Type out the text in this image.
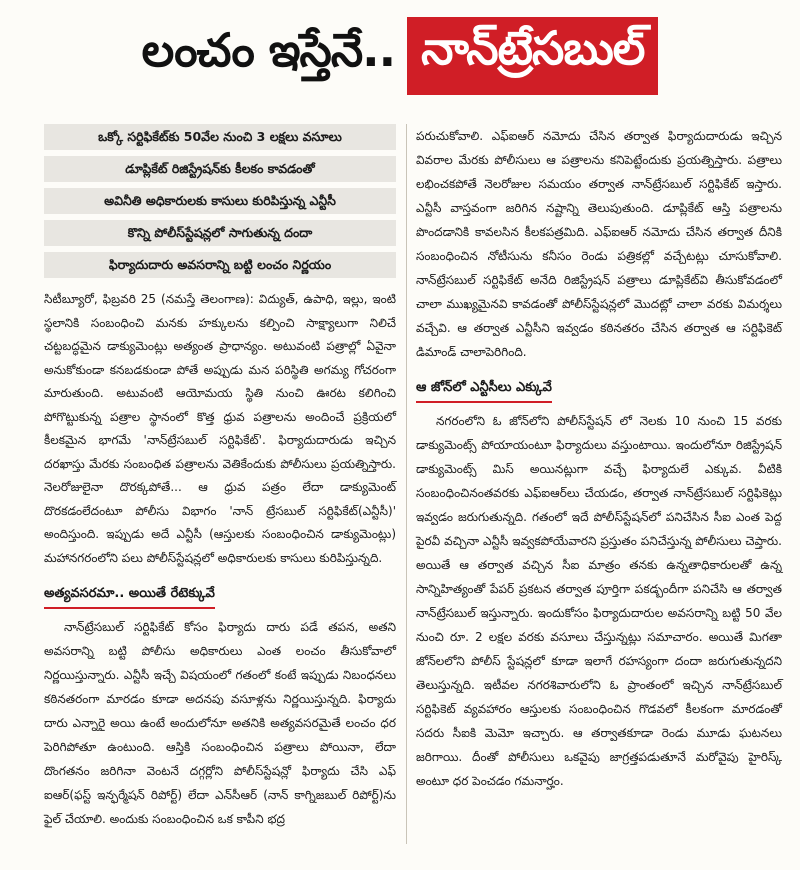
లంచం ఇస్తేనే.. నాన్‌ట్రేసబుల్
ఒక్కో సర్టిఫికేట్‌కు 50వేల నుంచి 3 లక్షలు వసూలు
డూప్లికేట్ రిజిస్ట్రేషన్‌కు కీలకం కావడంతో
అవినీతి అధికారులకు కాసులు కురిపిస్తున్న ఎన్టీసీ
కొన్ని పోలీస్‌స్టేషన్లలో సాగుతున్న దందా
ఫిర్యాదుదారు అవసరాన్ని బట్టి లంచం నిర్ణయం

సిటీబ్యూరో, ఫిబ్రవరి 25 (నమస్తే తెలంగాణ): విద్యుత్, ఉపాధి, ఇల్లు, ఇంటి స్థలానికి సంబంధించి మనకు హక్కులను కల్పించి సాక్ష్యాలుగా నిలిచే చట్టబద్ధమైన డాక్యుమెంట్లు అత్యంత ప్రాధాన్యం. అటువంటి పత్రాల్లో ఏవైనా అనుకోకుండా కనబడకుండా పోతే అప్పుడు మన పరిస్థితి అగమ్య గోచరంగా మారుతుంది. అటువంటి ఆయోమయ స్థితి నుంచి ఊరట కలిగించి పోగొట్టుకున్న పత్రాల స్థానంలో కొత్త ధ్రువ పత్రాలను అందించే ప్రక్రియలో కీలకమైన భాగమే 'నాన్‌ట్రేసబుల్ సర్టిఫికేట్'. ఫిర్యాదుదారుడు ఇచ్చిన దరఖాస్తు మేరకు సంబంధిత పత్రాలను వెతికేందుకు పోలీసులు ప్రయత్నిస్తారు. నెలరోజులైనా దొరక్కపోతే... ఆ ధ్రువ పత్రం లేదా డాక్యుమెంట్ దొరకడంలేదంటూ పోలీసు విభాగం 'నాన్ ట్రేసబుల్ సర్టిఫికేట్(ఎన్టీసీ)' అందిస్తుంది. ఇప్పుడు అదే ఎన్టీసీ (ఆస్తులకు సంబంధించిన డాక్యుమెంట్లు) మహానగరంలోని పలు పోలీస్‌స్టేషన్లలో అధికారులకు కాసులు కురిపిస్తున్నది.

అత్యవసరమా.. అయితే రేటెక్కువే

నాన్‌ట్రేసబుల్ సర్టిఫికేట్ కోసం ఫిర్యాదు దారు పడే తపన, అతని అవసరాన్ని బట్టి పోలీసు అధికారులు ఎంత లంచం తీసుకోవాలో నిర్ణయిస్తున్నారు. ఎన్టీసీ ఇచ్చే విషయంలో గతంలో కంటే ఇప్పుడు నిబంధనలు కఠినతరంగా మారడం కూడా అదనపు వసూళ్లను నిర్ణయిస్తున్నది. ఫిర్యాదు దారు ఎన్నారై అయి ఉంటే అందులోనూ అతనికి అత్యవసరమైతే లంచం ధర పెరిగిపోతూ ఉంటుంది. ఆస్తికి సంబంధించిన పత్రాలు పోయినా, లేదా దొంగతనం జరిగినా వెంటనే దగ్గర్లోని పోలీస్‌స్టేషన్లో ఫిర్యాదు చేసి ఎఫ్ ఐఆర్(ఫస్ట్ ఇన్ఫర్మేషన్ రిపోర్ట్) లేదా ఎన్‌సీఆర్ (నాన్ కాగ్నిజబుల్ రిపోర్ట్)ను ఫైల్ చేయాలి. అందుకు సంబంధించిన ఒక కాపీని భద్ర

పరుచుకోవాలి. ఎఫ్‌ఐఆర్ నమోదు చేసిన తర్వాత ఫిర్యాదుదారుడు ఇచ్చిన వివరాల మేరకు పోలీసులు ఆ పత్రాలను కనిపెట్టేందుకు ప్రయత్నిస్తారు. పత్రాలు లభించకపోతే నెలరోజుల సమయం తర్వాత నాన్‌ట్రేసబుల్ సర్టిఫికేట్ ఇస్తారు. ఎన్టీసీ వాస్తవంగా జరిగిన నష్టాన్ని తెలుపుతుంది. డూప్లికేట్ ఆస్తి పత్రాలను పొందడానికి కావలసిన కీలకపత్రమిది. ఎఫ్‌ఐఆర్ నమోదు చేసిన తర్వాత దీనికి సంబంధించిన నోటీసును కనీసం రెండు పత్రికల్లో వచ్చేటట్లు చూసుకోవాలి. నాన్‌ట్రేసబుల్ సర్టిఫికేట్ అనేది రిజిస్ట్రేషన్ పత్రాలు డూప్లికేట్‌వి తీసుకోవడంలో చాలా ముఖ్యమైనవి కావడంతో పోలీస్‌స్టేషన్లలో మొదట్లో చాలా వరకు విమర్శలు వచ్చేవి. ఆ తర్వాత ఎన్టీసీని ఇవ్వడం కఠినతరం చేసిన తర్వాత ఆ సర్టిఫికెట్ డిమాండ్ చాలాపెరిగింది.

ఆ జోన్‌లో ఎన్టీసీలు ఎక్కువే

నగరంలోని ఓ జోన్‌లోని పోలీస్‌స్టేషన్ లో నెలకు 10 నుంచి 15 వరకు డాక్యుమెంట్స్ పోయాయంటూ ఫిర్యాదులు వస్తుంటాయి. ఇందులోనూ రిజిస్ట్రేషన్ డాక్యుమెంట్స్ మిస్ అయినట్లుగా వచ్చే ఫిర్యాదులే ఎక్కువ. వీటికి సంబంధించినంతవరకు ఎఫ్‌ఐఆర్‌లు చేయడం, తర్వాత నాన్‌ట్రేసబుల్ సర్టిఫికెట్లు ఇవ్వడం జరుగుతున్నది. గతంలో ఇదే పోలీస్‌స్టేషన్‌లో పనిచేసిన సీఐ ఎంత పెద్ద పైరవీ వచ్చినా ఎన్టీసీ ఇవ్వకపోయేవారని ప్రస్తుతం పనిచేస్తున్న పోలీసులు చెప్తారు. అయితే ఆ తర్వాత వచ్చిన సీఐ మాత్రం తనకు ఉన్నతాధికారులతో ఉన్న సాన్నిహిత్యంతో పేపర్ ప్రకటన తర్వాత పూర్తిగా పకడ్బందీగా పనిచేసి ఆ తర్వాత నాన్‌ట్రేసబుల్ ఇస్తున్నారు. ఇందుకోసం ఫిర్యాదుదారుల అవసరాన్ని బట్టి 50 వేల నుంచి రూ. 2 లక్షల వరకు వసూలు చేస్తున్నట్లు సమాచారం. అయితే మిగతా జోన్‌లలోని పోలీస్ స్టేషన్లలో కూడా ఇలాగే రహస్యంగా దందా జరుగుతున్నదని తెలుస్తున్నది. ఇటీవల నగరశివారులోని ఓ ప్రాంతంలో ఇచ్చిన నాన్‌ట్రేసబుల్ సర్టిఫికెట్ వ్యవహారం ఆస్తులకు సంబంధించిన గొడవలో కీలకంగా మారడంతో సదరు సీఐకి మెమో ఇచ్చారు. ఆ తర్వాతకూడా రెండు మూడు ఘటనలు జరిగాయి. దీంతో పోలీసులు ఒకవైపు జాగ్రత్తపడుతూనే మరోవైపు హైరిస్క్ అంటూ ధర పెంచడం గమనార్హం.
